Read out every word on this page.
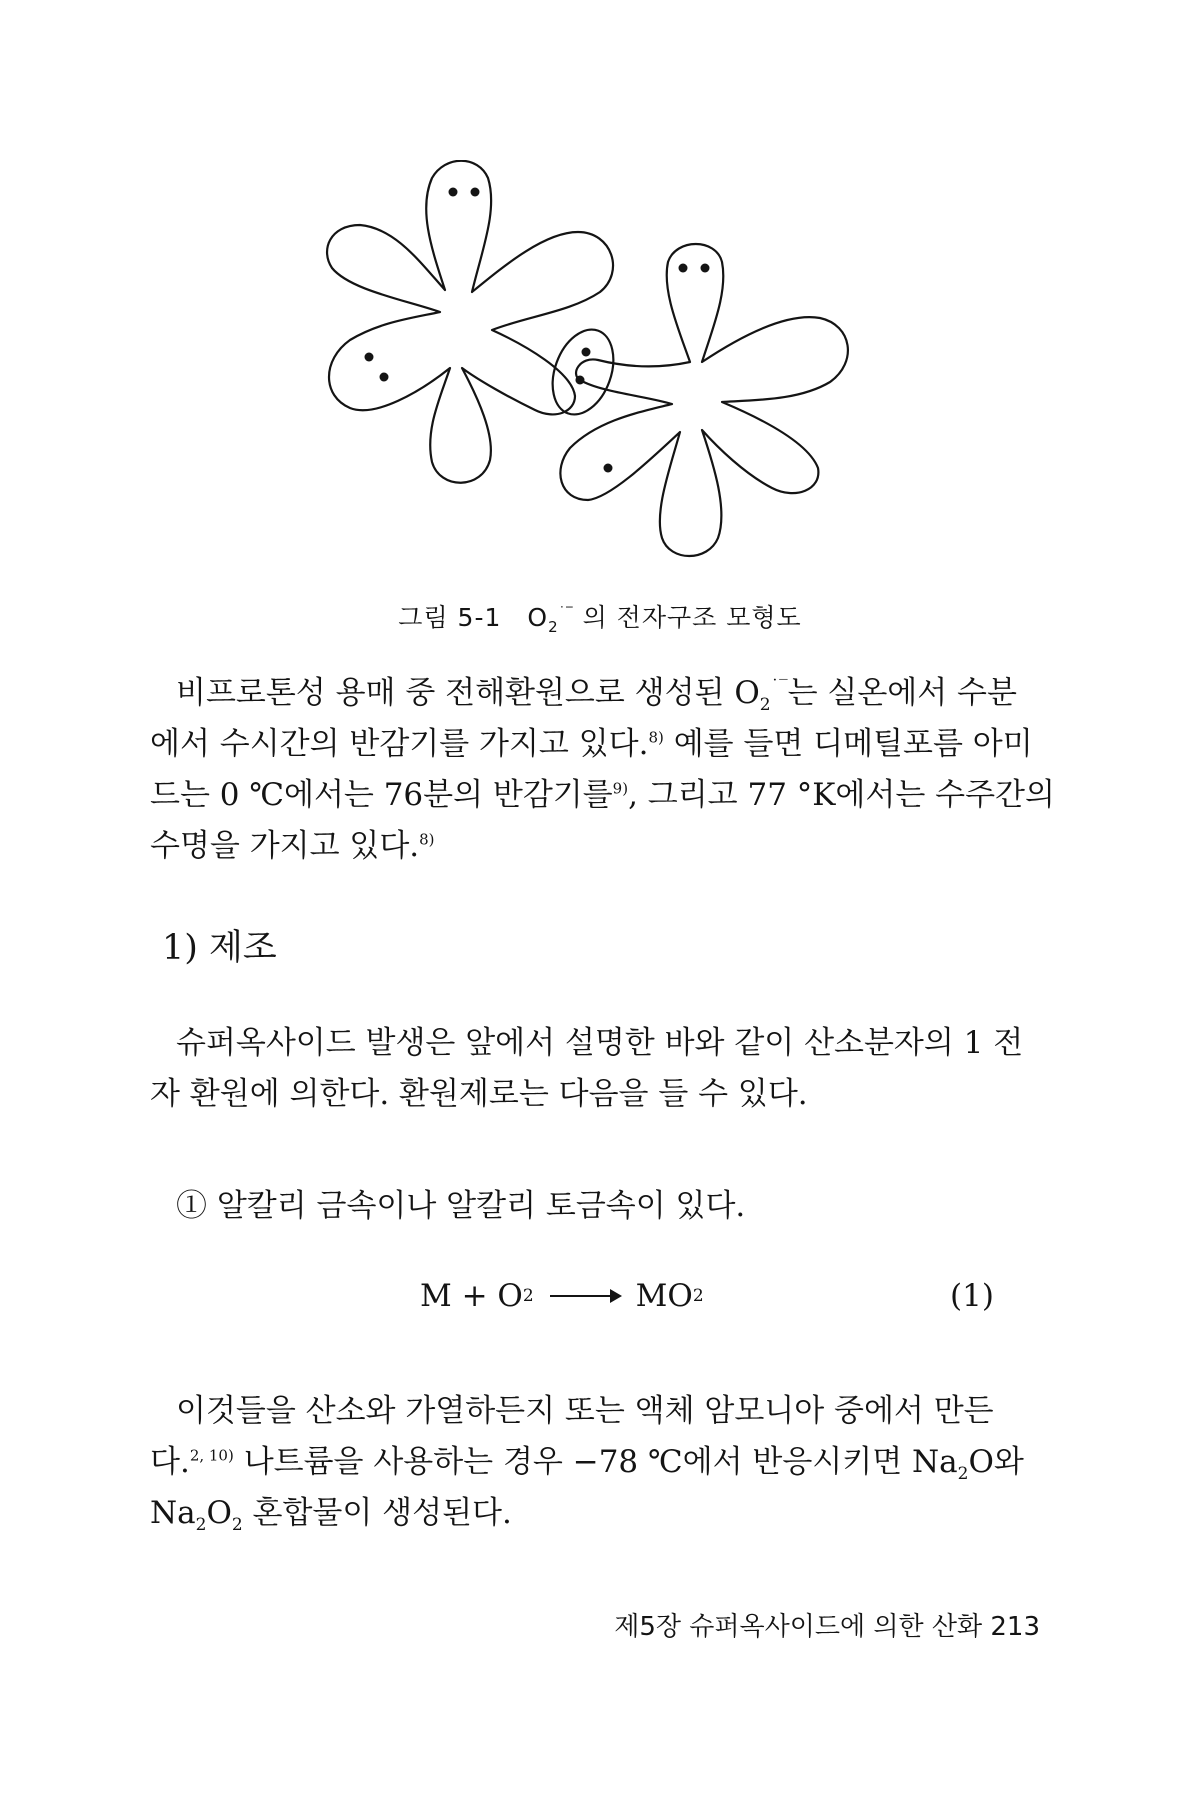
그림 5-1 $O_2^{˙‾}$ 의 전자구조 모형도

비프로톤성 용매 중 전해환원으로 생성된 $O_2^{˙‾}$는 실온에서 수분
에서 수시간의 반감기를 가지고 있다.$^{8)}$ 예를 들면 디메틸포름 아미
드는 0 ℃에서는 76분의 반감기를$^{9)}$, 그리고 77 °K에서는 수주간의
수명을 가지고 있다.$^{8)}$

1) 제조

슈퍼옥사이드 발생은 앞에서 설명한 바와 같이 산소분자의 1 전
자 환원에 의한다. 환원제로는 다음을 들 수 있다.

① 알칼리 금속이나 알칼리 토금속이 있다.

M + O 2 → MO 2	(1)

이것들을 산소와 가열하든지 또는 액체 암모니아 중에서 만든
다.$^{2, 10)}$ 나트륨을 사용하는 경우 −78 ℃에서 반응시키면 $Na_2O$와
$Na_2O_2$ 혼합물이 생성된다.

제5장 슈퍼옥사이드에 의한 산화 213
